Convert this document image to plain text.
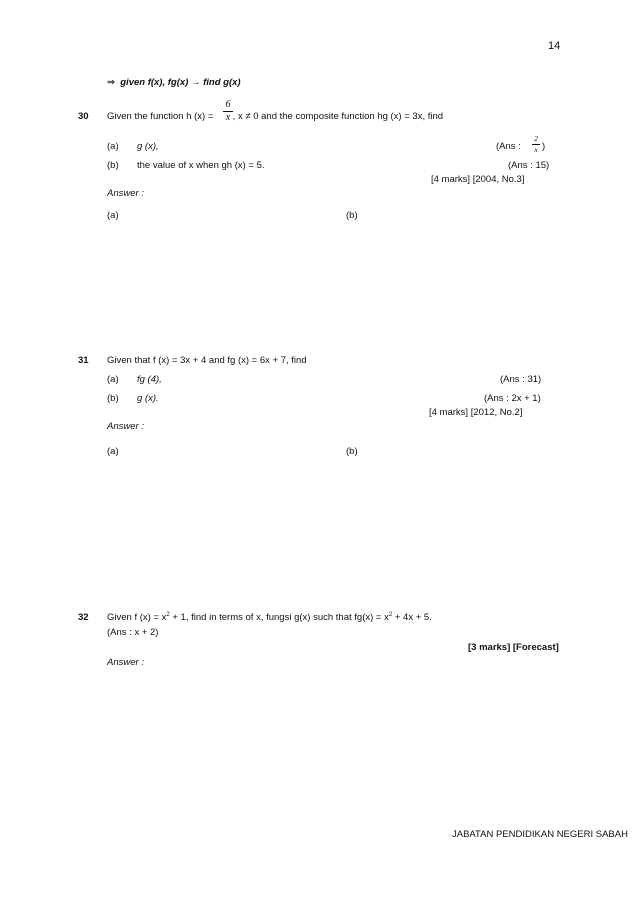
14
⇒ given f(x), fg(x) → find g(x)
30 Given the function h (x) =  , x ≠ 0 and the composite function hg (x) = 3x, find
6
x
(a) g (x),	(Ans :
2
x )
(b) the value of x when gh (x) = 5.	(Ans : 15)
[4 marks] [2004, No.3]
Answer :
(a)	(b)
31 Given that f (x) = 3x + 4 and fg (x) = 6x + 7, find
(a) fg (4),	(Ans : 31)
(b) g (x).	(Ans : 2x + 1)
[4 marks] [2012, No.2]
Answer :
(a)	(b)
32 Given f $(x) = x^2 + 1$, find in terms of x, fungsi g(x) such that $fg(x) = x^2 + 4x + 5$.
(Ans : x + 2)
[3 marks] [Forecast]
Answer :
JABATAN PENDIDIKAN NEGERI SABAH
